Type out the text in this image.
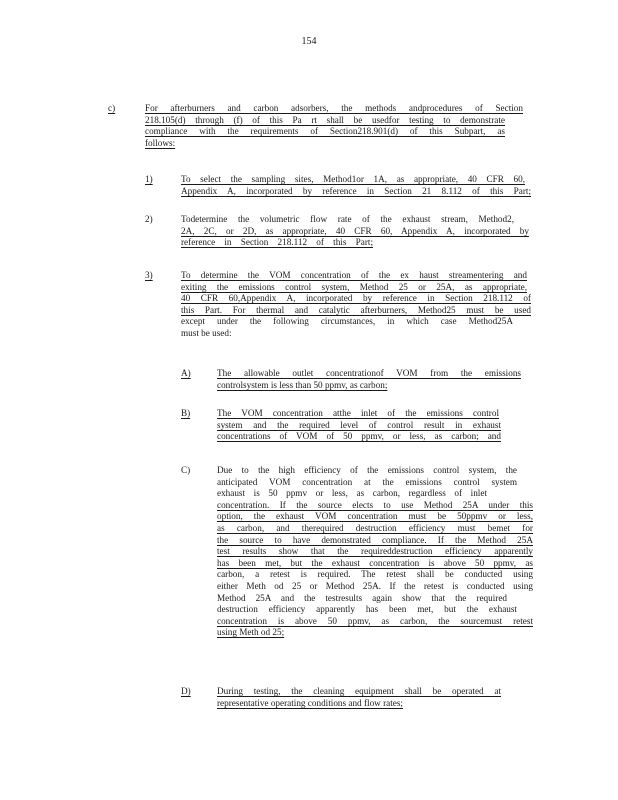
154
c)	For afterburners and carbon adsorbers, the methods andprocedures of Section
218.105(d) through (f) of this Pa rt shall be usedfor testing to demonstrate
compliance with the requirements of Section218.901(d) of this Subpart, as
follows:
1)	To select the sampling sites, Method1or 1A, as appropriate, 40 CFR 60,
Appendix A, incorporated by reference in Section 21 8.112 of this Part;
2)	Todetermine the volumetric flow rate of the exhaust stream, Method2,
2A, 2C, or 2D, as appropriate, 40 CFR 60, Appendix A, incorporated by
reference in Section 218.112 of this Part;
3)	To determine the VOM concentration of the ex haust streamentering and
exiting the emissions control system, Method 25 or 25A, as appropriate,
40 CFR 60,Appendix A, incorporated by reference in Section 218.112 of
this Part. For thermal and catalytic afterburners, Method25 must be used
except under the following circumstances, in which case Method25A
must be used:
A)	The allowable outlet concentrationof VOM from the emissions
controlsystem is less than 50 ppmv, as carbon;
B)	The VOM concentration atthe inlet of the emissions control
system and the required level of control result in exhaust
concentrations of VOM of 50 ppmv, or less, as carbon; and
C)	Due to the high efficiency of the emissions control system, the
anticipated VOM concentration at the emissions control system
exhaust is 50 ppmv or less, as carbon, regardless of inlet
concentration. If the source elects to use Method 25A under this
option, the exhaust VOM concentration must be 50ppmv or less,
as carbon, and therequired destruction efficiency must bemet for
the source to have demonstrated compliance. If the Method 25A
test results show that the requireddestruction efficiency apparently
has been met, but the exhaust concentration is above 50 ppmv, as
carbon, a retest is required. The retest shall be conducted using
either Meth od 25 or Method 25A. If the retest is conducted using
Method 25A and the testresults again show that the required
destruction efficiency apparently has been met, but the exhaust
concentration is above 50 ppmv, as carbon, the sourcemust retest
using Meth od 25;
D)	During testing, the cleaning equipment shall be operated at
representative operating conditions and flow rates;
